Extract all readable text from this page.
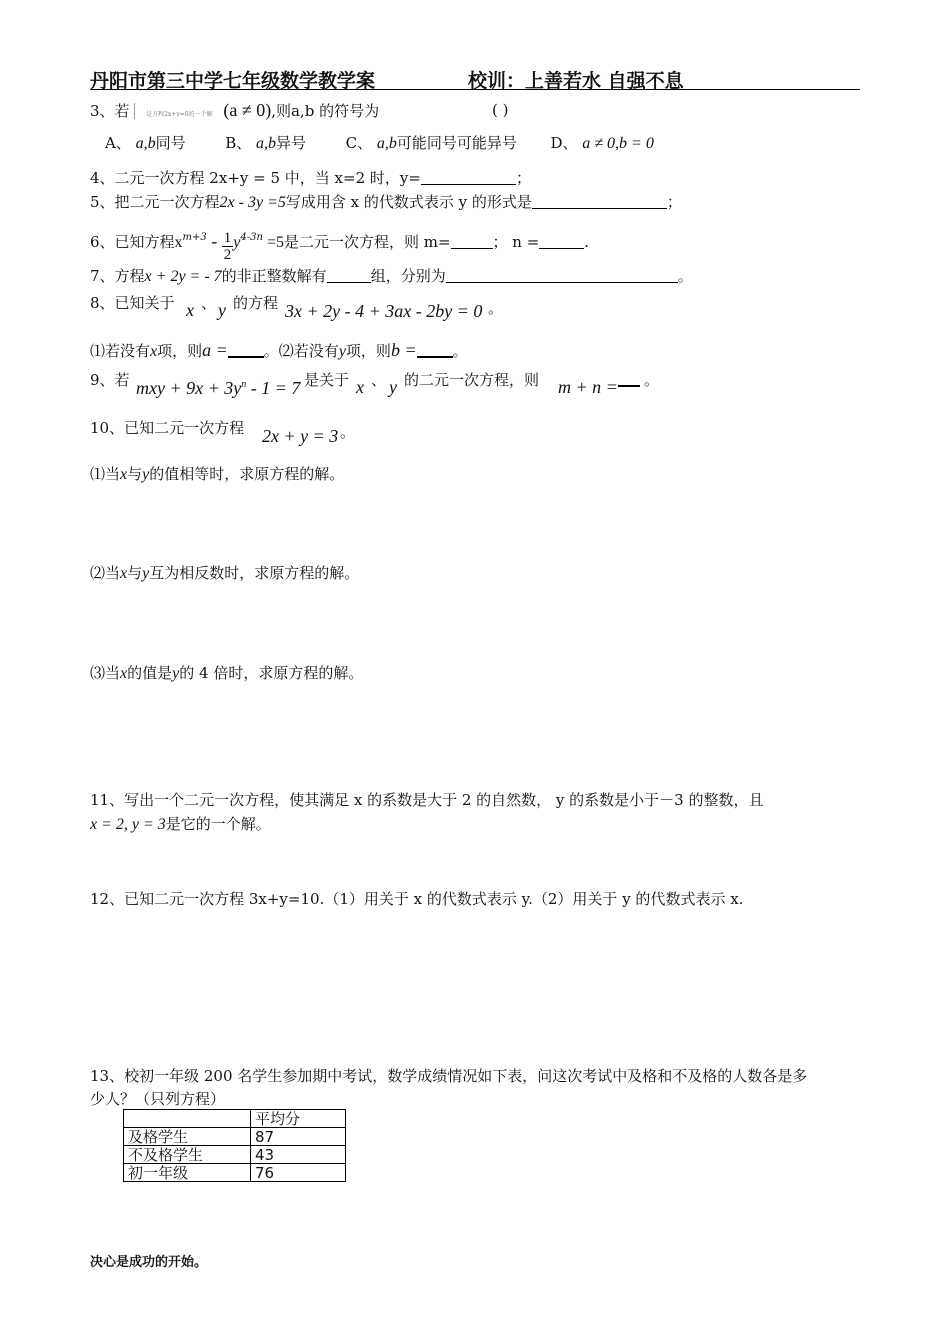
丹阳市第三中学七年级数学教学案	校训：上善若水 自强不息
3、若	是方程2x+y=0的一个解 (a ≠ 0),则a,b 的符号为	( )
A、 a,b同号	B、 a,b异号	C、 a,b可能同号可能异号 D、 a ≠ 0,b = 0
4、二元一次方程 2x+y = 5 中，当 x=2 时，y=	；
5、把二元一次方程2x - 3y =5写成用含 x 的代数式表示 y 的形式是	；
6、已知方程$x^{m+3} - \frac{1}{2} y^{4-3n} =5$是二元一次方程，则 m=	； n =	.
7、方程x + 2y = - 7的非正整数解有	组，分别为	。
8、已知关于 x 、 y 的方程 3x + 2y - 4 + 3ax - 2by = 0 。
⑴若没有x项，则a = 。⑵若没有y项，则b = 。
9、若 mxy + $9x + 3y^n - 1 = 7$ 是关于 x 、 y 的二元一次方程，则 m + n =	。
10、已知二元一次方程 2x + y = 3 。
⑴当x与y的值相等时，求原方程的解。
⑵当x与y互为相反数时，求原方程的解。
⑶当x的值是y的 4 倍时，求原方程的解。
11、写出一个二元一次方程，使其满足 x 的系数是大于 2 的自然数， y 的系数是小于－3 的整数，且
x = 2, y = 3是它的一个解。
12、已知二元一次方程 3x+y=10.（1）用关于 x 的代数式表示 y.（2）用关于 y 的代数式表示 x.
13、校初一年级 200 名学生参加期中考试，数学成绩情况如下表，问这次考试中及格和不及格的人数各是多
少人？（只列方程）
	平均分
及格学生	87
不及格学生	43
初一年级	76
决心是成功的开始。
